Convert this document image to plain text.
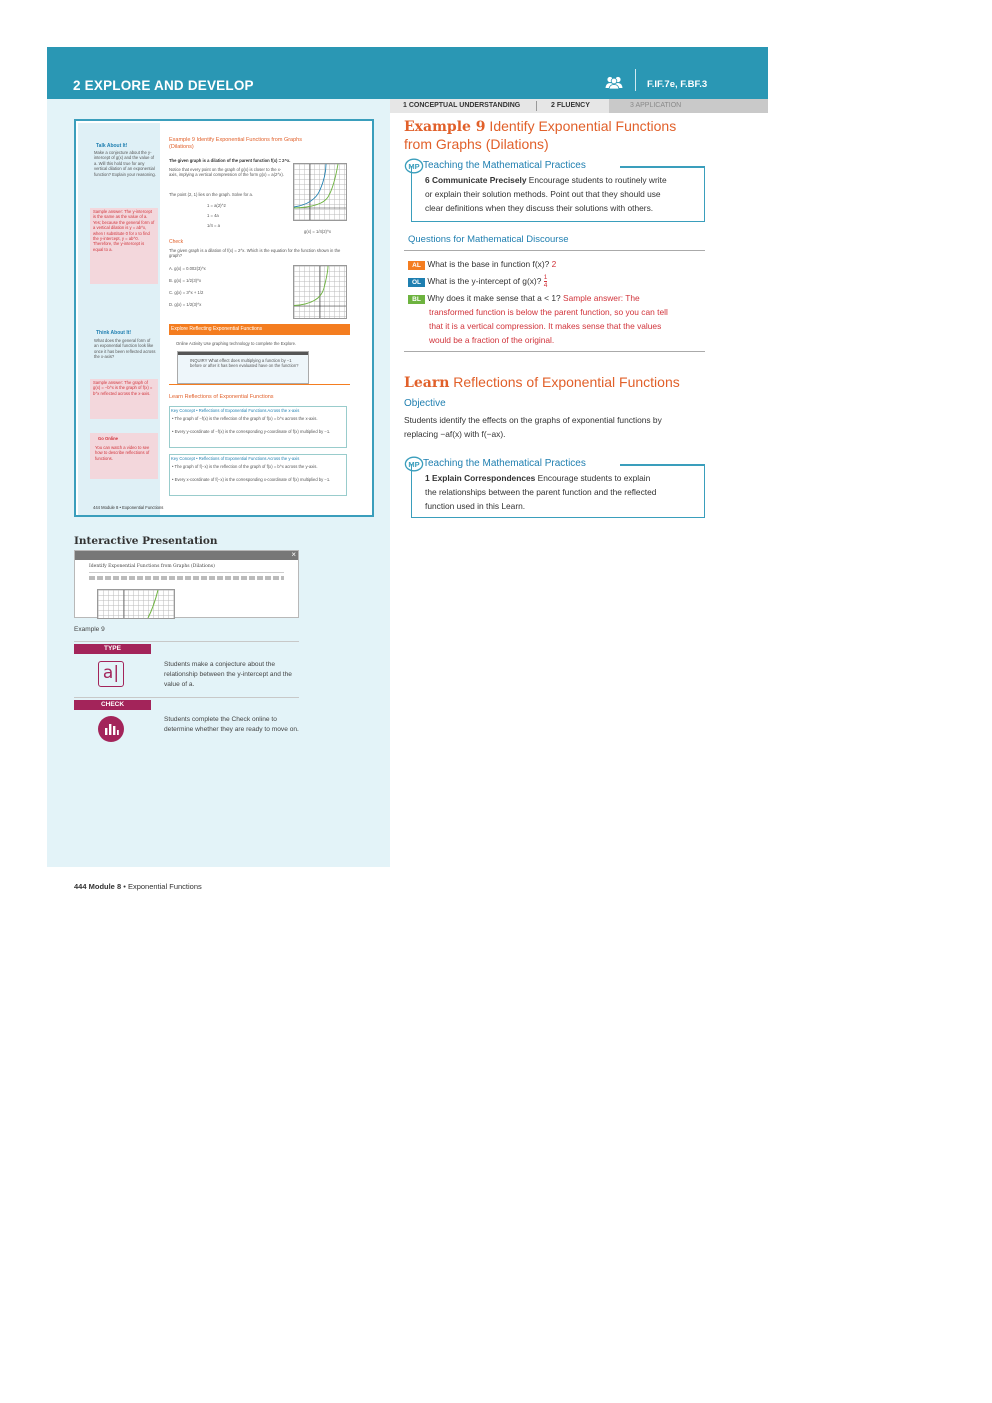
2 EXPLORE AND DEVELOP	F.IF.7e, F.BF.3
1 CONCEPTUAL UNDERSTANDING	2 FLUENCY	3 APPLICATION
Talk About It!
Make a conjecture about the y-intercept of g(x) and the value of a. Will this hold true for any vertical dilation of an exponential function? Explain your reasoning.
Sample answer: The y-intercept is the same as the value of a. Yes; because the general form of a vertical dilation is y = ab^x, when I substitute 0 for x to find the y-intercept, y = ab^0. Therefore, the y-intercept is equal to a.
Think About It!
What does the general form of an exponential function look like once it has been reflected across the x-axis?
Sample answer: The graph of g(x) = −b^x is the graph of f(x) = b^x reflected across the x-axis.
Go Online
You can watch a video to see how to describe reflections of functions.
Example 9 Identify Exponential Functions from Graphs (Dilations)
The given graph is a dilation of the parent function f(x) = 2^x.
Notice that every point on the graph of g(x) is closer to the x-axis, implying a vertical compression of the form g(x) = a(2^x).
The point (2, 1) lies on the graph. Solve for a.
1 = a(2)^2
1 = 4a
1/4 = a
g(x) = 1/4(2)^x
Check
The given graph is a dilation of f(x) = 2^x. Which is the equation for the function shown in the graph?
A. g(x) = 0.002(3)^x
B. g(x) = 1/2(3)^x
C. g(x) = 3^x + 1/2
D. g(x) = 1/2(3)^x
Explore Reflecting Exponential Functions
Online Activity Use graphing technology to complete the Explore.
INQUIRY What effect does multiplying a function by −1 before or after it has been evaluated have on the function?
Learn Reflections of Exponential Functions
Key Concept • Reflections of Exponential Functions Across the x-axis
• The graph of −f(x) is the reflection of the graph of f(x) = b^x across the x-axis.
• Every y-coordinate of −f(x) is the corresponding y-coordinate of f(x) multiplied by −1.
Key Concept • Reflections of Exponential Functions Across the y-axis
• The graph of f(−x) is the reflection of the graph of f(x) = b^x across the y-axis.
• Every x-coordinate of f(−x) is the corresponding x-coordinate of f(x) multiplied by −1.
444 Module 8 • Exponential Functions
Interactive Presentation
×
Identify Exponential Functions from Graphs (Dilations)
Example 9
TYPE
a|	Students make a conjecture about the relationship between the y-intercept and the value of a.
CHECK
Students complete the Check online to determine whether they are ready to move on.
444 Module 8 • Exponential Functions
Example 9 Identify Exponential Functions
from Graphs (Dilations)
MP Teaching the Mathematical Practices
6 Communicate Precisely Encourage students to routinely write
or explain their solution methods. Point out that they should use
clear definitions when they discuss their solutions with others.
Questions for Mathematical Discourse
AL What is the base in function f(x)? 2
OL What is the y-intercept of g(x)? $\frac{1}{4}$
BL Why does it make sense that a < 1? Sample answer: The
transformed function is below the parent function, so you can tell
that it is a vertical compression. It makes sense that the values
would be a fraction of the original.
Learn Reflections of Exponential Functions
Objective
Students identify the effects on the graphs of exponential functions by
replacing −af(x) with f(−ax).
MP Teaching the Mathematical Practices
1 Explain Correspondences Encourage students to explain
the relationships between the parent function and the reflected
function used in this Learn.
